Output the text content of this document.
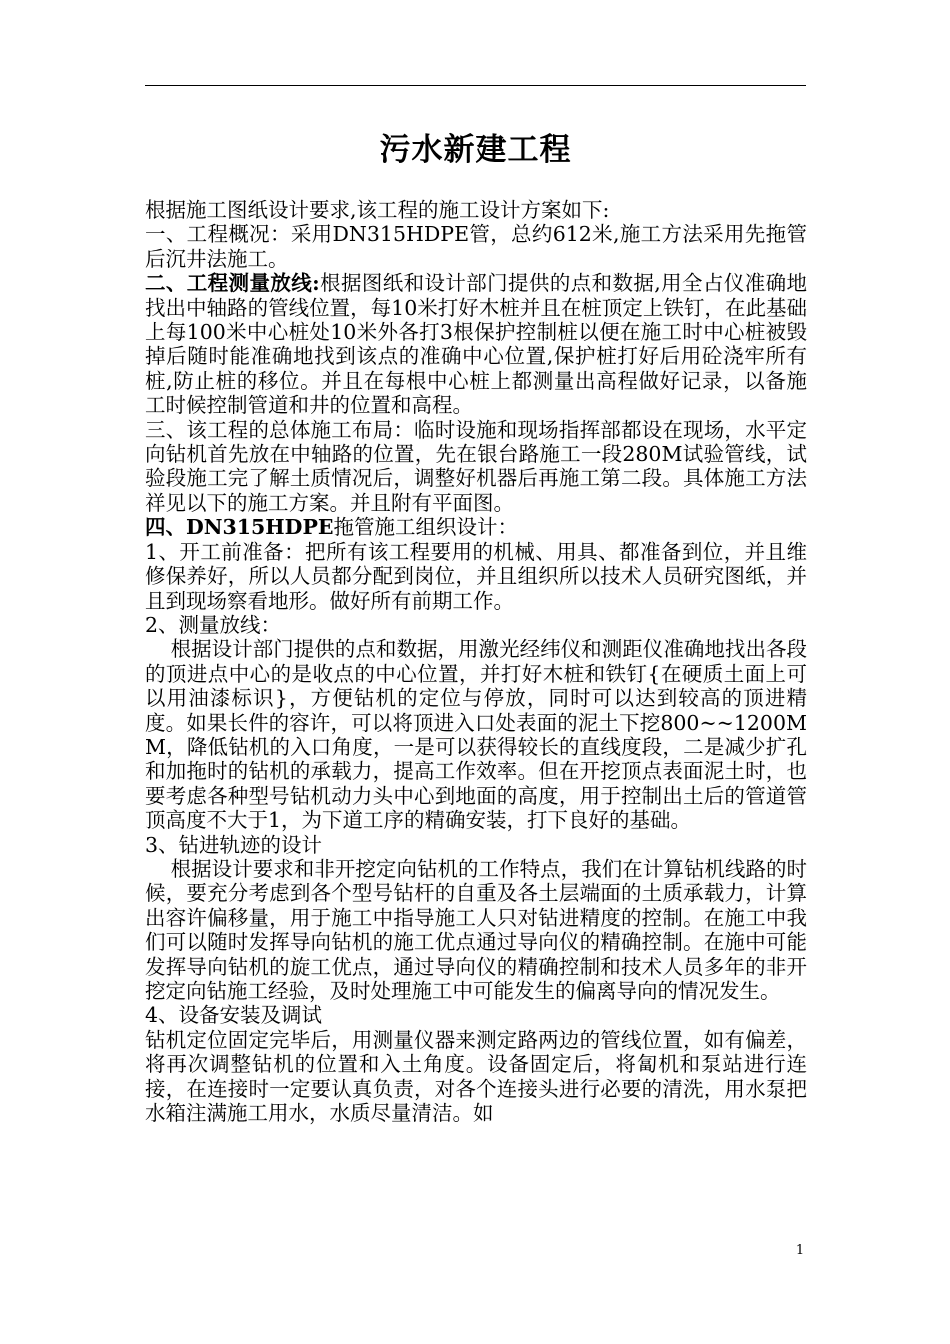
污水新建工程

根据施工图纸设计要求,该工程的施工设计方案如下:

一、工程概况：采用DN315HDPE管，总约612米,施工方法采用先拖管后沉井法施工。

二、工程测量放线:根据图纸和设计部门提供的点和数据,用全占仪准确地找出中轴路的管线位置，每10米打好木桩并且在桩顶定上铁钉，在此基础上每100米中心桩处10米外各打3根保护控制桩以便在施工时中心桩被毁掉后随时能准确地找到该点的准确中心位置,保护桩打好后用砼浇牢所有桩,防止桩的移位。并且在每根中心桩上都测量出高程做好记录，以备施工时候控制管道和井的位置和高程。

三、该工程的总体施工布局：临时设施和现场指挥部都设在现场，水平定向钻机首先放在中轴路的位置，先在银台路施工一段280M试验管线，试验段施工完了解土质情况后，调整好机器后再施工第二段。具体施工方法祥见以下的施工方案。并且附有平面图。

四、DN315HDPE拖管施工组织设计：

1、开工前准备：把所有该工程要用的机械、用具、都准备到位，并且维修保养好，所以人员都分配到岗位，并且组织所以技术人员研究图纸，并且到现场察看地形。做好所有前期工作。

2、测量放线：

根据设计部门提供的点和数据，用激光经纬仪和测距仪准确地找出各段的顶进点中心的是收点的中心位置，并打好木桩和铁钉{在硬质土面上可以用油漆标识}，方便钻机的定位与停放，同时可以达到较高的顶进精度。如果长件的容许，可以将顶进入口处表面的泥土下挖800~~1200MM，降低钻机的入口角度，一是可以获得较长的直线度段，二是减少扩孔和加拖时的钻机的承载力，提高工作效率。但在开挖顶点表面泥土时，也要考虑各种型号钻机动力头中心到地面的高度，用于控制出土后的管道管顶高度不大于1，为下道工序的精确安装，打下良好的基础。

3、钻进轨迹的设计

根据设计要求和非开挖定向钻机的工作特点，我们在计算钻机线路的时候，要充分考虑到各个型号钻杆的自重及各土层端面的土质承载力，计算出容许偏移量，用于施工中指导施工人只对钻进精度的控制。在施工中我们可以随时发挥导向钻机的施工优点通过导向仪的精确控制。在施中可能发挥导向钻机的旋工优点，通过导向仪的精确控制和技术人员多年的非开挖定向钻施工经验，及时处理施工中可能发生的偏离导向的情况发生。

4、设备安装及调试

钻机定位固定完毕后，用测量仪器来测定路两边的管线位置，如有偏差，将再次调整钻机的位置和入土角度。设备固定后，将匐机和泵站进行连接，在连接时一定要认真负责，对各个连接头进行必要的清洗，用水泵把水箱注满施工用水，水质尽量清洁。如

1
